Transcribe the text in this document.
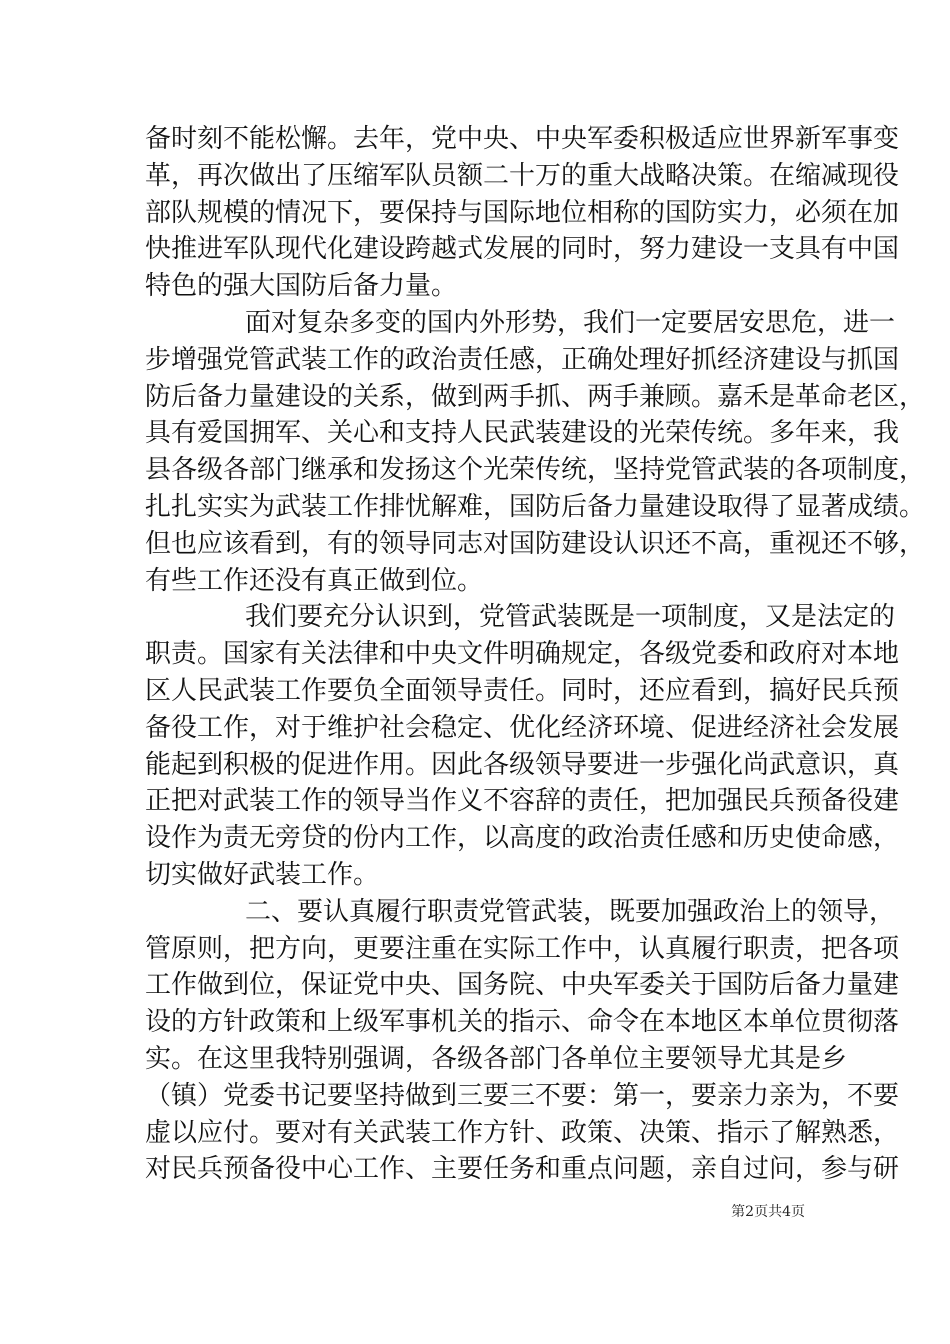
备时刻不能松懈。去年，党中央、中央军委积极适应世界新军事变
革，再次做出了压缩军队员额二十万的重大战略决策。在缩减现役
部队规模的情况下，要保持与国际地位相称的国防实力，必须在加
快推进军队现代化建设跨越式发展的同时，努力建设一支具有中国
特色的强大国防后备力量。
面对复杂多变的国内外形势，我们一定要居安思危，进一
步增强党管武装工作的政治责任感，正确处理好抓经济建设与抓国
防后备力量建设的关系，做到两手抓、两手兼顾。嘉禾是革命老区，
具有爱国拥军、关心和支持人民武装建设的光荣传统。多年来，我
县各级各部门继承和发扬这个光荣传统，坚持党管武装的各项制度，
扎扎实实为武装工作排忧解难，国防后备力量建设取得了显著成绩。
但也应该看到，有的领导同志对国防建设认识还不高，重视还不够，
有些工作还没有真正做到位。
我们要充分认识到，党管武装既是一项制度，又是法定的
职责。国家有关法律和中央文件明确规定，各级党委和政府对本地
区人民武装工作要负全面领导责任。同时，还应看到，搞好民兵预
备役工作，对于维护社会稳定、优化经济环境、促进经济社会发展
能起到积极的促进作用。因此各级领导要进一步强化尚武意识，真
正把对武装工作的领导当作义不容辞的责任，把加强民兵预备役建
设作为责无旁贷的份内工作，以高度的政治责任感和历史使命感，
切实做好武装工作。
二、要认真履行职责党管武装，既要加强政治上的领导，
管原则，把方向，更要注重在实际工作中，认真履行职责，把各项
工作做到位，保证党中央、国务院、中央军委关于国防后备力量建
设的方针政策和上级军事机关的指示、命令在本地区本单位贯彻落
实。在这里我特别强调，各级各部门各单位主要领导尤其是乡
（镇）党委书记要坚持做到三要三不要：第一，要亲力亲为，不要
虚以应付。要对有关武装工作方针、政策、决策、指示了解熟悉，
对民兵预备役中心工作、主要任务和重点问题，亲自过问，参与研
第2页共4页
